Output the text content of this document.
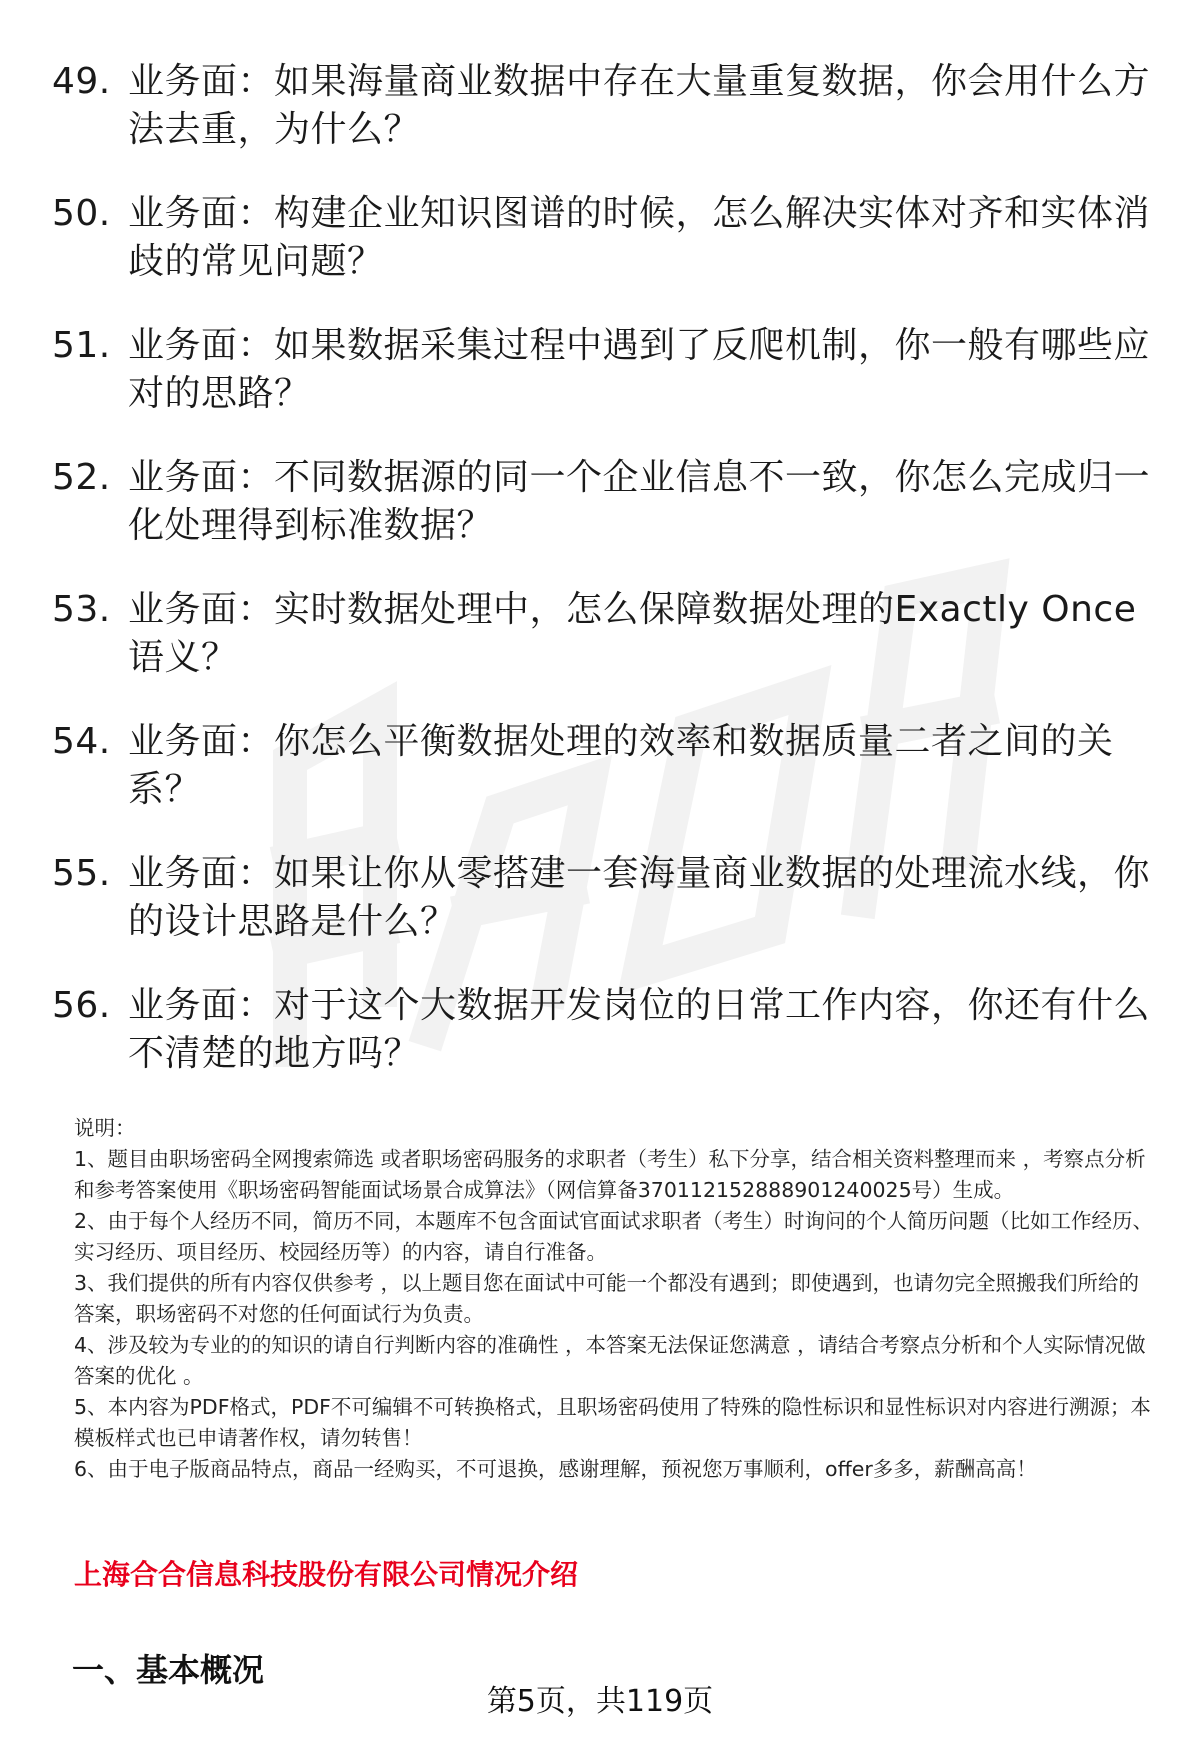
49. 业务面：如果海量商业数据中存在大量重复数据，你会用什么方法去重，为什么？
50. 业务面：构建企业知识图谱的时候，怎么解决实体对齐和实体消歧的常见问题？
51. 业务面：如果数据采集过程中遇到了反爬机制，你一般有哪些应对的思路？
52. 业务面：不同数据源的同一个企业信息不一致，你怎么完成归一化处理得到标准数据？
53. 业务面：实时数据处理中，怎么保障数据处理的Exactly Once语义？
54. 业务面：你怎么平衡数据处理的效率和数据质量二者之间的关系？
55. 业务面：如果让你从零搭建一套海量商业数据的处理流水线，你的设计思路是什么？
56. 业务面：对于这个大数据开发岗位的日常工作内容，你还有什么不清楚的地方吗？

说明：

1、题目由职场密码全网搜索筛选 或者职场密码服务的求职者（考生）私下分享，结合相关资料整理而来 ，考察点分析和参考答案使用《职场密码智能面试场景合成算法》（网信算备370112152888901240025号）生成。

2、由于每个人经历不同，简历不同，本题库不包含面试官面试求职者（考生）时询问的个人简历问题（比如工作经历、实习经历、项目经历、校园经历等）的内容，请自行准备。

3、我们提供的所有内容仅供参考 ，以上题目您在面试中可能一个都没有遇到；即使遇到，也请勿完全照搬我们所给的答案，职场密码不对您的任何面试行为负责。

4、涉及较为专业的的知识的请自行判断内容的准确性 ，本答案无法保证您满意 ，请结合考察点分析和个人实际情况做答案的优化 。

5、本内容为PDF格式，PDF不可编辑不可转换格式，且职场密码使用了特殊的隐性标识和显性标识对内容进行溯源；本模板样式也已申请著作权，请勿转售！

6、由于电子版商品特点，商品一经购买，不可退换，感谢理解，预祝您万事顺利，offer多多，薪酬高高！

上海合合信息科技股份有限公司情况介绍
一、基本概况
第5页，共119页
